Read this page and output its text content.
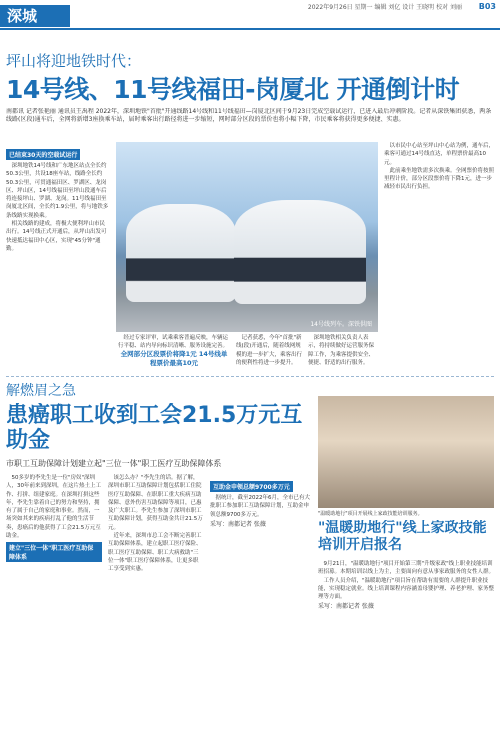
深城	2022年9月26日 星期一 编辑 刘亿 设计 王晓明 校对 刘丽 B03
坪山将迎地铁时代：
14号线、11号线福田-岗厦北 开通倒计时
南都讯 记者张艳丽 通讯员王禹程 2022年，深圳地铁"首批"开通线路14号线和11号线福田—岗厦北区间于9月23日完成空载试运行，已进入最后冲刺阶段。记者从深铁集团获悉，两条线路(区段)通车后，全网将新增3座换乘车站，届时乘客出行路径将进一步缩短，网时部分区段的票价也将小幅下降，市民乘客将获得更多便捷、实惠。
已结束30天的空载试运行
深圳地铁14号线和广东地区站点全长约50.3公里，共设18座车站，线路全长约50.3公里，可贯通福田区、罗湖区、龙岗区、坪山区，14号线福田至坪山段通车后将连接坪山、罗湖、龙岗。11号线福田至岗厦北区间，全长约1.9公里，将与地铁多条线路实现换乘。
相关线路的建成，将极大便利坪山市民出行。14号线正式开通后，从坪山出发可快速抵达福田中心区，实现"45分钟"通勤。
14号线列车。深铁供图
经过专家评审，试乘乘客普遍反映，车辆运行平稳、站内导向标识清晰、服务设施完善。
全网部分区段票价将降1元 14号线单程票价最高10元
记者获悉，今年"首批"新线(段)开通后，随着线网规模的进一步扩大，乘客出行的便利性将进一步提升。
深圳地铁相关负责人表示，将持续做好运营服务保障工作，为乘客提供安全、便捷、舒适的出行服务。
以市民中心站至坪山中心站为例，通车后，乘客可通过14号线直达，单程票价最高10元。
此前乘坐地铁需多次换乘。全网票价将按照里程计价，部分区段票价将下降1元，进一步减轻市民出行负担。
解燃眉之急
患癌职工收到工会21.5万元互助金
市职工互助保障计划建立起"三位一体"职工医疗互助保障体系
50多岁的李先生是一位"房奴"深圳人，30年前来到深圳，在这片热土上工作、打拼、组建家庭。在深圳打拼这些年，李先生靠着自己的努力和坚持，拥有了属于自己的家庭和事业。然而，一场突如其来的疾病打乱了他的生活节奏，患癌后的他获得了工会21.5万元互助金。
建立"三位一体"职工医疗互助保障体系
该怎么办？"李先生的话。据了解，深圳市职工互助保障计划包括职工住院医疗互助保障、在职职工重大疾病互助保障、意外伤害互助保障等项目，已惠及广大职工。李先生参加了深圳市职工互助保障计划，获得互助金共计21.5万元。
近年来，深圳市总工会不断完善职工互助保障体系，建立起职工医疗保险、职工医疗互助保障、职工大病救助"三位一体"职工医疗保障体系，让更多职工享受到实惠。
互助金申领总额9700多万元
据统计，截至2022年6月，全市已有大批职工参加职工互助保障计划，互助金申领总额9700多万元。
采写：南都记者 张薇
"温暖助地行"项目开展线上家政技能培训服务。
"温暖助地行"线上家政技能培训开启报名
9月21日，"温暖助地行"项目开始第三期"升级家政"线上职业技能培训班招募。本期培训以线上为主，主要面向有意从事家政服务的女性人群。
工作人员介绍，"温暖助地行"项目旨在帮助有需要的人群提升职业技能，实现稳定就业。线上培训课程内容涵盖母婴护理、养老护理、家务整理等方面。
采写：南都记者 张薇
